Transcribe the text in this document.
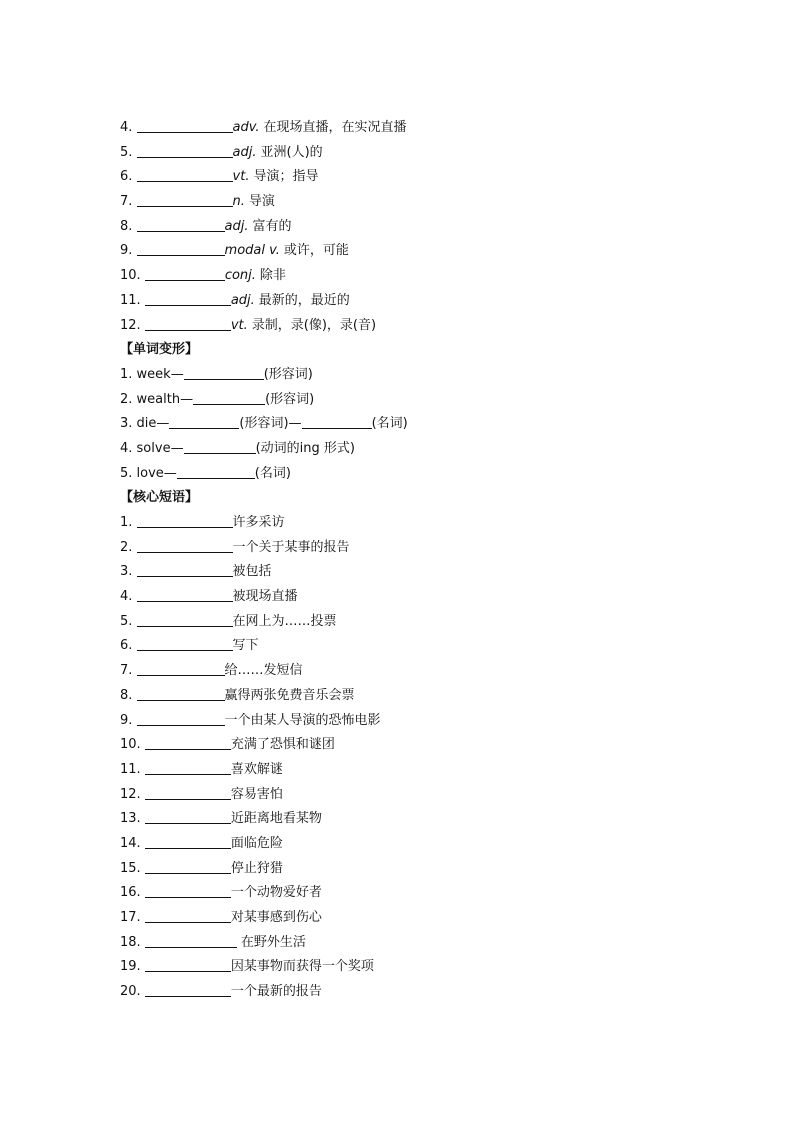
4.	adv. 在现场直播，在实况直播
5.	adj. 亚洲(人)的
6.	vt. 导演；指导
7.	n. 导演
8.	adj. 富有的
9.	modal v. 或许，可能
10.	conj. 除非
11.	adj. 最新的，最近的
12.	vt. 录制，录(像)，录(音)
【单词变形】
1. week—	(形容词)
2. wealth—	(形容词)
3. die—	(形容词)—	(名词)
4. solve—	(动词的ing 形式)
5. love—	(名词)
【核心短语】
1.	许多采访
2.	一个关于某事的报告
3.	被包括
4.	被现场直播
5.	在网上为……投票
6.	写下
7.	给……发短信
8.	赢得两张免费音乐会票
9.	一个由某人导演的恐怖电影
10.	充满了恐惧和谜团
11.	喜欢解谜
12.	容易害怕
13.	近距离地看某物
14.	面临危险
15.	停止狩猎
16.	一个动物爱好者
17.	对某事感到伤心
18.	在野外生活
19.	因某事物而获得一个奖项
20.	一个最新的报告
